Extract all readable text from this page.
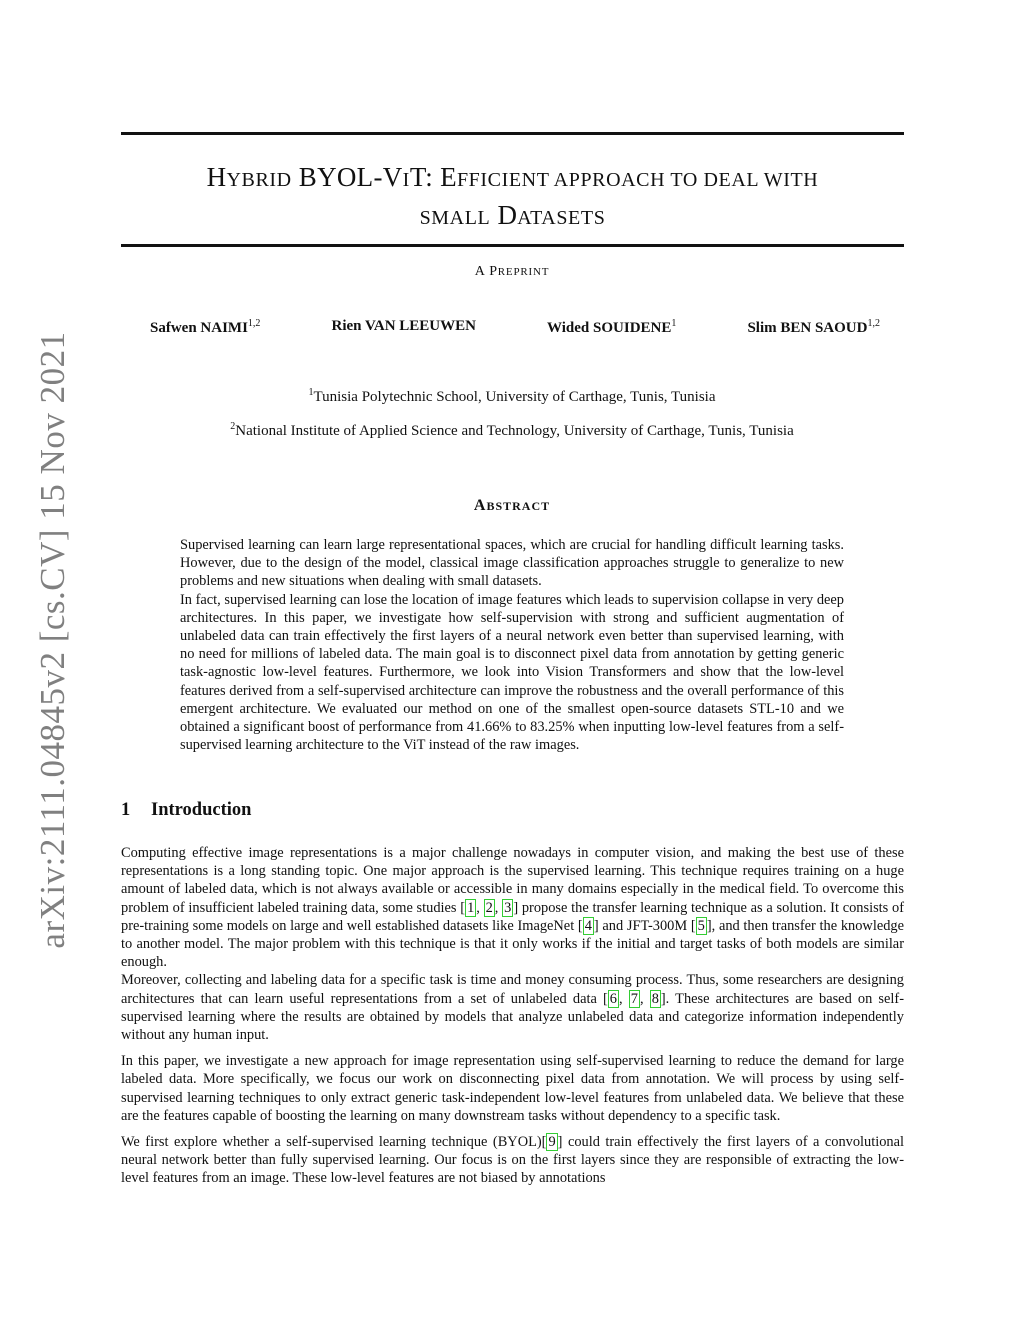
arXiv:2111.04845v2 [cs.CV] 15 Nov 2021
HYBRID BYOL-VIT: EFFICIENT APPROACH TO DEAL WITH
SMALL DATASETS
A PREPRINT
Safwen NAIMI$^{1,2}$	Rien VAN LEEUWEN	Wided SOUIDENE$^1$	Slim BEN SAOUD$^{1,2}$
$^1$Tunisia Polytechnic School, University of Carthage, Tunis, Tunisia
$^2$National Institute of Applied Science and Technology, University of Carthage, Tunis, Tunisia
ABSTRACT

Supervised learning can learn large representational spaces, which are crucial for handling difficult learning tasks. However, due to the design of the model, classical image classification approaches struggle to generalize to new problems and new situations when dealing with small datasets.

In fact, supervised learning can lose the location of image features which leads to supervision collapse in very deep architectures. In this paper, we investigate how self-supervision with strong and sufficient augmentation of unlabeled data can train effectively the first layers of a neural network even better than supervised learning, with no need for millions of labeled data. The main goal is to disconnect pixel data from annotation by getting generic task-agnostic low-level features. Furthermore, we look into Vision Transformers and show that the low-level features derived from a self-supervised architecture can improve the robustness and the overall performance of this emergent architecture. We evaluated our method on one of the smallest open-source datasets STL-10 and we obtained a significant boost of performance from 41.66% to 83.25% when inputting low-level features from a self-supervised learning architecture to the ViT instead of the raw images.

1 Introduction

Computing effective image representations is a major challenge nowadays in computer vision, and making the best use of these representations is a long standing topic. One major approach is the supervised learning. This technique requires training on a huge amount of labeled data, which is not always available or accessible in many domains especially in the medical field. To overcome this problem of insufficient labeled training data, some studies [ 1 , 2 , 3 ] propose the transfer learning technique as a solution. It consists of pre-training some models on large and well established datasets like ImageNet [ 4 ] and JFT-300M [ 5 ], and then transfer the knowledge to another model. The major problem with this technique is that it only works if the initial and target tasks of both models are similar enough.

Moreover, collecting and labeling data for a specific task is time and money consuming process. Thus, some researchers are designing architectures that can learn useful representations from a set of unlabeled data [ 6 , 7 , 8 ]. These architectures are based on self-supervised learning where the results are obtained by models that analyze unlabeled data and categorize information independently without any human input.

In this paper, we investigate a new approach for image representation using self-supervised learning to reduce the demand for large labeled data. More specifically, we focus our work on disconnecting pixel data from annotation. We will process by using self-supervised learning techniques to only extract generic task-independent low-level features from unlabeled data. We believe that these are the features capable of boosting the learning on many downstream tasks without dependency to a specific task.

We first explore whether a self-supervised learning technique (BYOL)[ 9 ] could train effectively the first layers of a convolutional neural network better than fully supervised learning. Our focus is on the first layers since they are responsible of extracting the low-level features from an image. These low-level features are not biased by annotations
